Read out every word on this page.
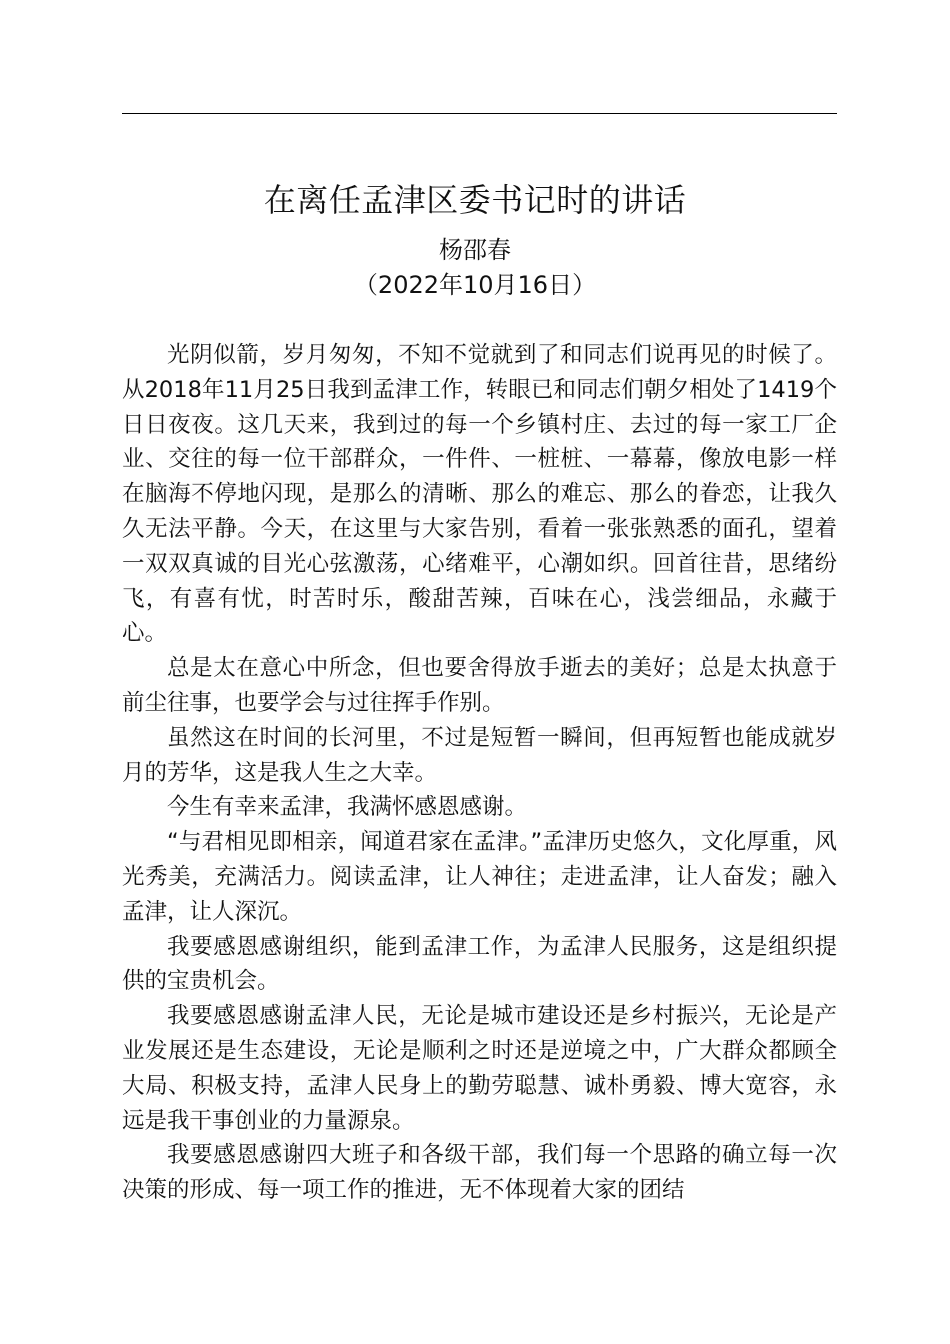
在离任孟津区委书记时的讲话
杨邵春
（2022年10月16日）

光阴似箭，岁月匆匆，不知不觉就到了和同志们说再见的时候了。从2018年11月25日我到孟津工作，转眼已和同志们朝夕相处了1419个日日夜夜。这几天来，我到过的每一个乡镇村庄、去过的每一家工厂企业、交往的每一位干部群众，一件件、一桩桩、一幕幕，像放电影一样在脑海不停地闪现，是那么的清晰、那么的难忘、那么的眷恋，让我久久无法平静。今天，在这里与大家告别，看着一张张熟悉的面孔，望着一双双真诚的目光心弦激荡，心绪难平，心潮如织。回首往昔，思绪纷飞，有喜有忧，时苦时乐，酸甜苦辣，百味在心，浅尝细品，永藏于心。

总是太在意心中所念，但也要舍得放手逝去的美好；总是太执意于前尘往事，也要学会与过往挥手作别。

虽然这在时间的长河里，不过是短暂一瞬间，但再短暂也能成就岁月的芳华，这是我人生之大幸。

今生有幸来孟津，我满怀感恩感谢。

“与君相见即相亲，闻道君家在孟津。”孟津历史悠久，文化厚重，风光秀美，充满活力。阅读孟津，让人神往；走进孟津，让人奋发；融入孟津，让人深沉。

我要感恩感谢组织，能到孟津工作，为孟津人民服务，这是组织提供的宝贵机会。

我要感恩感谢孟津人民，无论是城市建设还是乡村振兴，无论是产业发展还是生态建设，无论是顺利之时还是逆境之中，广大群众都顾全大局、积极支持，孟津人民身上的勤劳聪慧、诚朴勇毅、博大宽容，永远是我干事创业的力量源泉。

我要感恩感谢四大班子和各级干部，我们每一个思路的确立每一次决策的形成、每一项工作的推进，无不体现着大家的团结
